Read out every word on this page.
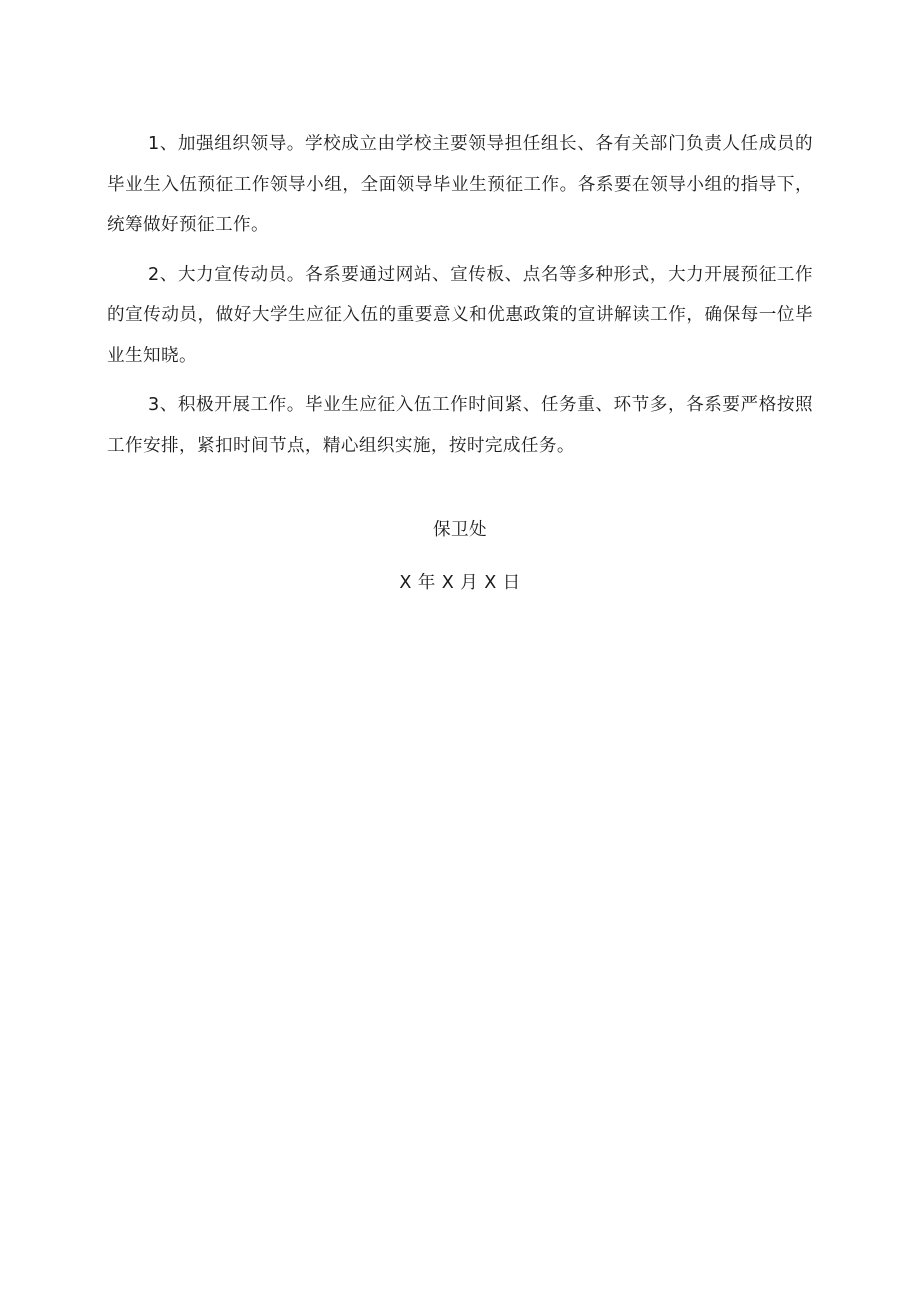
1、加强组织领导。学校成立由学校主要领导担任组长、各有关部门负责人任成员的毕业生入伍预征工作领导小组，全面领导毕业生预征工作。各系要在领导小组的指导下，统筹做好预征工作。

2、大力宣传动员。各系要通过网站、宣传板、点名等多种形式，大力开展预征工作的宣传动员，做好大学生应征入伍的重要意义和优惠政策的宣讲解读工作，确保每一位毕业生知晓。

3、积极开展工作。毕业生应征入伍工作时间紧、任务重、环节多，各系要严格按照工作安排，紧扣时间节点，精心组织实施，按时完成任务。

保卫处
X 年 X 月 X 日
